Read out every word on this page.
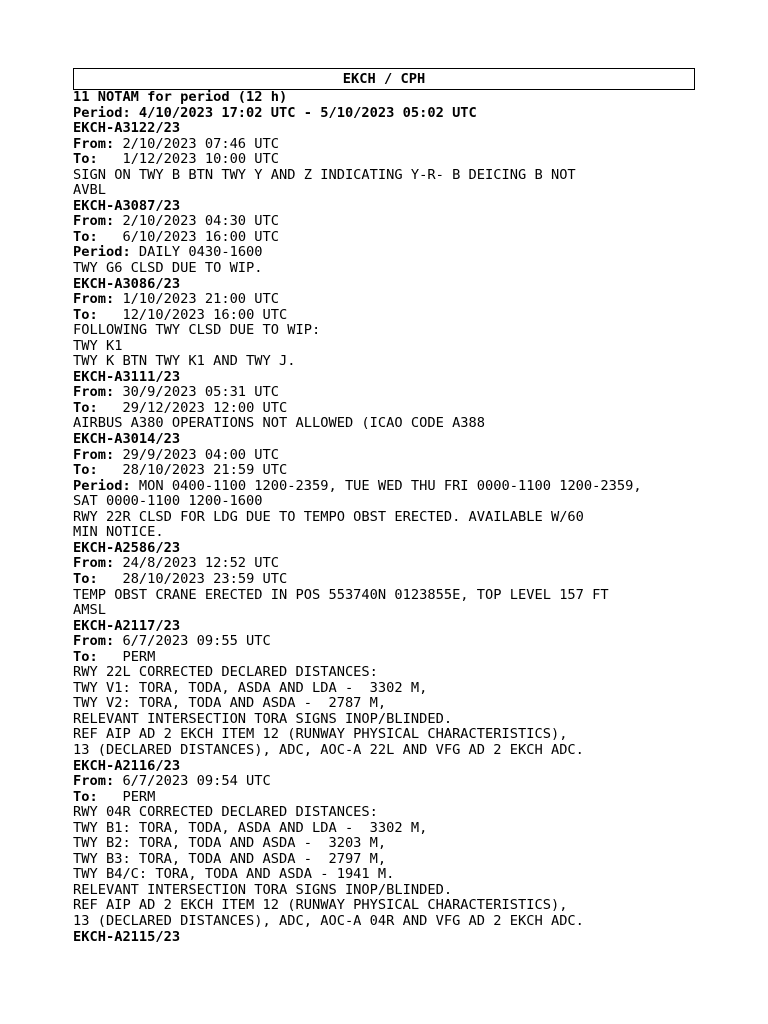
EKCH / CPH
11 NOTAM for period (12 h)
Period: 4/10/2023 17:02 UTC - 5/10/2023 05:02 UTC
EKCH-A3122/23
From: 2/10/2023 07:46 UTC
To:   1/12/2023 10:00 UTC
SIGN ON TWY B BTN TWY Y AND Z INDICATING Y-R- B DEICING B NOT
AVBL
EKCH-A3087/23
From: 2/10/2023 04:30 UTC
To:   6/10/2023 16:00 UTC
Period: DAILY 0430-1600
TWY G6 CLSD DUE TO WIP.
EKCH-A3086/23
From: 1/10/2023 21:00 UTC
To:   12/10/2023 16:00 UTC
FOLLOWING TWY CLSD DUE TO WIP:
TWY K1
TWY K BTN TWY K1 AND TWY J.
EKCH-A3111/23
From: 30/9/2023 05:31 UTC
To:   29/12/2023 12:00 UTC
AIRBUS A380 OPERATIONS NOT ALLOWED (ICAO CODE A388
EKCH-A3014/23
From: 29/9/2023 04:00 UTC
To:   28/10/2023 21:59 UTC
Period: MON 0400-1100 1200-2359, TUE WED THU FRI 0000-1100 1200-2359,
SAT 0000-1100 1200-1600
RWY 22R CLSD FOR LDG DUE TO TEMPO OBST ERECTED. AVAILABLE W/60
MIN NOTICE.
EKCH-A2586/23
From: 24/8/2023 12:52 UTC
To:   28/10/2023 23:59 UTC
TEMP OBST CRANE ERECTED IN POS 553740N 0123855E, TOP LEVEL 157 FT
AMSL
EKCH-A2117/23
From: 6/7/2023 09:55 UTC
To:   PERM
RWY 22L CORRECTED DECLARED DISTANCES:
TWY V1: TORA, TODA, ASDA AND LDA -  3302 M,
TWY V2: TORA, TODA AND ASDA -  2787 M,
RELEVANT INTERSECTION TORA SIGNS INOP/BLINDED.
REF AIP AD 2 EKCH ITEM 12 (RUNWAY PHYSICAL CHARACTERISTICS),
13 (DECLARED DISTANCES), ADC, AOC-A 22L AND VFG AD 2 EKCH ADC.
EKCH-A2116/23
From: 6/7/2023 09:54 UTC
To:   PERM
RWY 04R CORRECTED DECLARED DISTANCES:
TWY B1: TORA, TODA, ASDA AND LDA -  3302 M,
TWY B2: TORA, TODA AND ASDA -  3203 M,
TWY B3: TORA, TODA AND ASDA -  2797 M,
TWY B4/C: TORA, TODA AND ASDA - 1941 M.
RELEVANT INTERSECTION TORA SIGNS INOP/BLINDED.
REF AIP AD 2 EKCH ITEM 12 (RUNWAY PHYSICAL CHARACTERISTICS),
13 (DECLARED DISTANCES), ADC, AOC-A 04R AND VFG AD 2 EKCH ADC.
EKCH-A2115/23
